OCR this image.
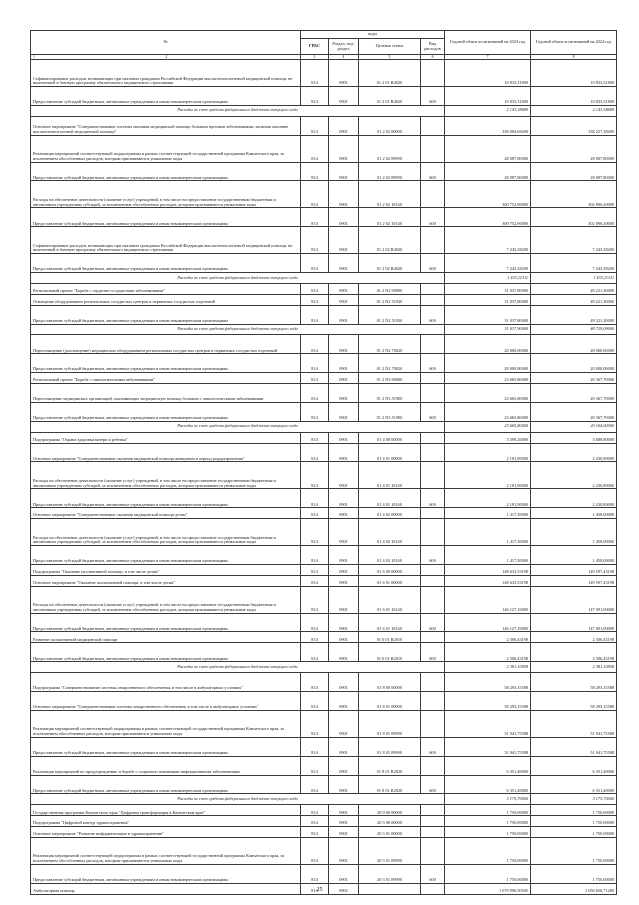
№	коды				Годовой объем ассигнований на 2023 год	Годовой объем ассигнований на 2024 год
	ГРБС	Раздел, под-раздел	Целевая статья	Вид расходов		

1 2	3	4	5	6	7	8
Софинансирование расходов, возникающих при оказании гражданам Российской Федерации высокотехнологичной медицинской помощи, не включенной в базовую программу обязательного медицинского страхования	814	0901	01 2 01 R4020		10 833,31800	10 833,31800
Предоставление субсидий бюджетным, автономным учреждениям и иным некоммерческим организациям	814	0901	01 2 01 R4020	600	10 833,31800	10 833,31800
Расходы за счет средств федерального бюджета текущего года					2 143,38689	2 143,38689
Основное мероприятие "Совершенствование системы оказания медицинской помощи больным прочими заболеваниями, включая оказание высокотехнологичной медицинской помощи"	814	0901	01 2 02 00000		336 084,08200	338 227,38200
Реализация мероприятий соответствующей подпрограммы в рамках соответствующей государственной программы Камчатского края, за исключением обособленных расходов, которым присваиваются уникальные коды	814	0901	01 2 02 09990		28 087,80000	28 087,80000
Предоставление субсидий бюджетным, автономным учреждениям и иным некоммерческим организациям	814	0901	01 2 02 09990	600	28 087,80000	28 087,80000
Расходы на обеспечение деятельности (оказание услуг) учреждений, в том числе на предоставление государственным бюджетным и автономным учреждениям субсидий, за исключением обособленных расходов, которым присваиваются уникальные коды	814	0901	01 2 02 10140		300 752,90000	302 896,20000
Предоставление субсидий бюджетным, автономным учреждениям и иным некоммерческим организациям	814	0901	01 2 02 10140	600	300 752,90000	302 896,20000
Софинансирование расходов, возникающих при оказании гражданам Российской Федерации высокотехнологичной медицинской помощи, не включенной в базовую программу обязательного медицинского страхования	814	0901	01 2 02 R4020		7 243,38200	7 243,38200
Предоставление субсидий бюджетным, автономным учреждениям и иным некоммерческим организациям	814	0901	01 2 02 R4020	600	7 243,38200	7 243,38200
Расходы за счет средств федерального бюджета текущего года					1 433,11311	1 433,11311
Региональный проект "Борьба с сердечно-сосудистыми заболеваниями"	814	0901	01 2 N2 00000		31 037,80000	49 221,30000
Оснащение оборудованием региональных сосудистых центров и первичных сосудистых отделений	814	0901	01 2 N2 51920		31 037,80000	49 221,30000
Предоставление субсидий бюджетным, автономным учреждениям и иным некоммерческим организациям	814	0901	01 2 N2 51920	600	31 037,80000	49 221,30000
Расходы за счет средств федерального бюджета текущего года					31 037,90000	48 729,09000
Переоснащение (дооснащение) медицинских оборудованием региональных сосудистых центров и первичных сосудистых отделений	814	0901	01 2 N2 70020		20 000,00000	20 000,00000
Предоставление субсидий бюджетным, автономным учреждениям и иным некоммерческим организациям	814	0901	01 2 N2 70020	600	20 000,00000	20 000,00000
Региональный проект "Борьба с онкологическими заболеваниями"	814	0901	01 2 N3 00000		23 665,80000	20 367,70000
Переоснащение медицинских организаций, оказывающих медицинскую помощь больным с онкологическими заболеваниями	814	0901	01 2 N3 51900		23 665,80000	20 367,70000
Предоставление субсидий бюджетным, автономным учреждениям и иным некоммерческим организациям	814	0901	01 2 N3 51900	600	23 665,80000	20 367,70000
Расходы за счет средств федерального бюджета текущего года					23 665,80000	20 164,00000
Подпрограмма "Охрана здоровья матери и ребенка"	814	0901	01 4 00 00000		3 599,20000	3 688,80000
Основное мероприятие "Совершенствование оказания медицинской помощи женщинам в период родоразрешения"	814	0901	01 4 01 00000		2 181,90000	2 230,80000
Расходы на обеспечение деятельности (оказание услуг) учреждений, в том числе на предоставление государственным бюджетным и автономным учреждениям субсидий, за исключением обособленных расходов, которым присваиваются уникальные коды	814	0901	01 4 01 10140		2 181,90000	2 230,80000
Предоставление субсидий бюджетным, автономным учреждениям и иным некоммерческим организациям	814	0901	01 4 01 10140	600	2 181,90000	2 230,80000
Основное мероприятие "Совершенствование оказания медицинской помощи детям"	814	0901	01 4 02 00000		1 417,30000	1 458,00000
Расходы на обеспечение деятельности (оказание услуг) учреждений, в том числе на предоставление государственным бюджетным и автономным учреждениям субсидий, за исключением обособленных расходов, которым присваиваются уникальные коды	814	0901	01 4 02 10140		1 417,30000	1 458,00000
Предоставление субсидий бюджетным, автономным учреждениям и иным некоммерческим организациям	814	0901	01 4 02 10140	600	1 417,30000	1 458,00000
Подпрограмма "Оказание паллиативной помощи, в том числе детям"	814	0901	01 6 00 00000		148 633,53198	149 597,43198
Основное мероприятие "Оказание паллиативной помощи, в том числе детям"	814	0901	01 6 01 00000		148 633,53198	149 597,43198
Расходы на обеспечение деятельности (оказание услуг) учреждений, в том числе на предоставление государственным бюджетным и автономным учреждениям субсидий, за исключением обособленных расходов, которым присваиваются уникальные коды	814	0901	01 6 01 10140		146 127,10000	147 091,00000
Предоставление субсидий бюджетным, автономным учреждениям и иным некоммерческим организациям	814	0901	01 6 01 10140	600	146 127,10000	147 091,00000
Развитие паллиативной медицинской помощи	814	0901	01 6 01 R2010		2 506,43198	2 506,43198
Предоставление субсидий бюджетным, автономным учреждениям и иным некоммерческим организациям	814	0901	01 6 01 R2010	600	2 506,43198	2 506,43198
Расходы за счет средств федерального бюджета текущего года					2 381,10958	2 381,10958
Подпрограмма "Совершенствование системы лекарственного обеспечения, в том числе в амбулаторных условиях"	814	0901	01 8 00 00000		58 293,15588	58 293,15588
Основное мероприятие "Совершенствование системы лекарственного обеспечения, в том числе в амбулаторных условиях"	814	0901	01 8 01 00000		58 293,15588	58 293,15588
Реализация мероприятий соответствующей подпрограммы в рамках соответствующей государственной программы Камчатского края, за исключением обособленных расходов, которым присваиваются уникальные коды	814	0901	01 8 01 09990		51 941,75588	51 941,75588
Предоставление субсидий бюджетным, автономным учреждениям и иным некоммерческим организациям	814	0901	01 8 01 09990	600	51 941,75588	51 941,75588
Реализация мероприятий по предупреждению и борьбе с социально значимыми инфекционными заболеваниями	814	0901	01 8 01 R2020		6 351,40000	6 351,40000
Предоставление субсидий бюджетным, автономным учреждениям и иным некоммерческим организациям	814	0901	01 8 01 R2020	600	6 351,40000	6 351,40000
Расходы за счет средств федерального бюджета текущего года					3 175,70000	3 175,70000
Государственная программа Камчатского края "Цифровая трансформация в Камчатском крае"	814	0901	20 0 00 00000		1 750,00000	1 750,00000
Подпрограмма "Цифровой контур здравоохранения"	814	0901	20 3 00 00000		1 750,00000	1 750,00000
Основное мероприятие "Развитие информатизации в здравоохранении"	814	0901	20 3 01 00000		1 750,00000	1 750,00000
Реализация мероприятий соответствующей подпрограммы в рамках соответствующей государственной программы Камчатского края, за исключением обособленных расходов, которым присваиваются уникальные коды	814	0901	20 3 01 09990		1 750,00000	1 750,00000
Предоставление субсидий бюджетным, автономным учреждениям и иным некоммерческим организациям	814	0901	20 3 01 09990	600	1 750,00000	1 750,00000
Амбулаторная помощь	814	0902			1 679 996,50945	1 656 656,71280
25
